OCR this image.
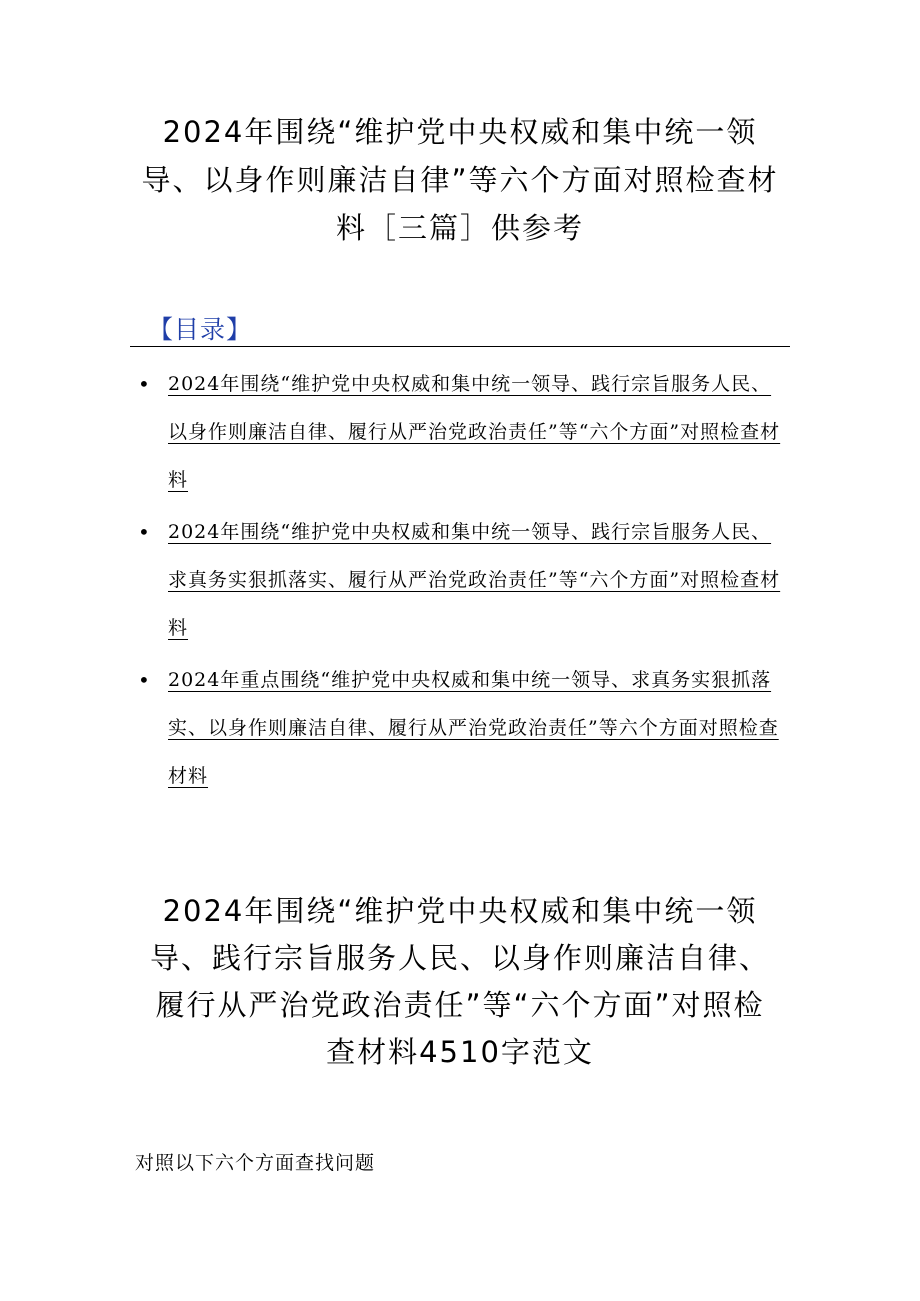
2024年围绕“维护党中央权威和集中统一领导、以身作则廉洁自律”等六个方面对照检查材料［三篇］供参考
【目录】
• 2024年围绕“维护党中央权威和集中统一领导、践行宗旨服务人民、以身作则廉洁自律、履行从严治党政治责任”等“六个方面”对照检查材料
• 2024年围绕“维护党中央权威和集中统一领导、践行宗旨服务人民、求真务实狠抓落实、履行从严治党政治责任”等“六个方面”对照检查材料
• 2024年重点围绕“维护党中央权威和集中统一领导、求真务实狠抓落实、以身作则廉洁自律、履行从严治党政治责任”等六个方面对照检查材料
2024年围绕“维护党中央权威和集中统一领导、践行宗旨服务人民、以身作则廉洁自律、履行从严治党政治责任”等“六个方面”对照检查材料4510字范文

对照以下六个方面查找问题
